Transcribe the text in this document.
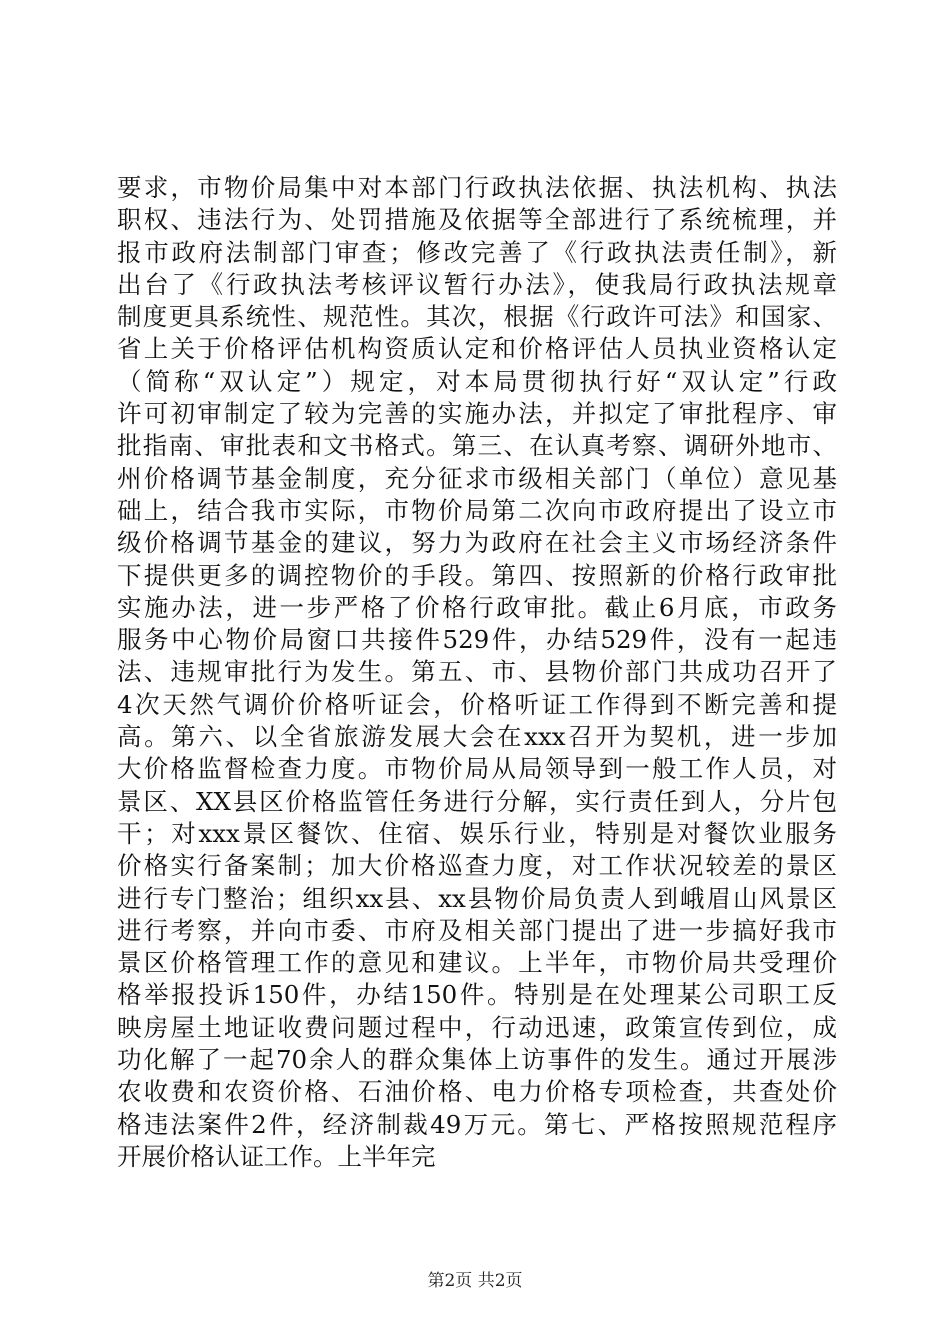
要求，市物价局集中对本部门行政执法依据、执法机构、执法
职权、违法行为、处罚措施及依据等全部进行了系统梳理，并
报市政府法制部门审查；修改完善了《行政执法责任制》，新
出台了《行政执法考核评议暂行办法》，使我局行政执法规章
制度更具系统性、规范性。其次，根据《行政许可法》和国家、
省上关于价格评估机构资质认定和价格评估人员执业资格认定
（简称“双认定”）规定，对本局贯彻执行好“双认定”行政
许可初审制定了较为完善的实施办法，并拟定了审批程序、审
批指南、审批表和文书格式。第三、在认真考察、调研外地市、
州价格调节基金制度，充分征求市级相关部门（单位）意见基
础上，结合我市实际，市物价局第二次向市政府提出了设立市
级价格调节基金的建议，努力为政府在社会主义市场经济条件
下提供更多的调控物价的手段。第四、按照新的价格行政审批
实施办法，进一步严格了价格行政审批。截止6月底，市政务
服务中心物价局窗口共接件529件，办结529件，没有一起违
法、违规审批行为发生。第五、市、县物价部门共成功召开了
4次天然气调价价格听证会，价格听证工作得到不断完善和提
高。第六、以全省旅游发展大会在xxx召开为契机，进一步加
大价格监督检查力度。市物价局从局领导到一般工作人员，对
景区、XX县区价格监管任务进行分解，实行责任到人，分片包
干；对xxx景区餐饮、住宿、娱乐行业，特别是对餐饮业服务
价格实行备案制；加大价格巡查力度，对工作状况较差的景区
进行专门整治；组织xx县、xx县物价局负责人到峨眉山风景区
进行考察，并向市委、市府及相关部门提出了进一步搞好我市
景区价格管理工作的意见和建议。上半年，市物价局共受理价
格举报投诉150件，办结150件。特别是在处理某公司职工反
映房屋土地证收费问题过程中，行动迅速，政策宣传到位，成
功化解了一起70余人的群众集体上访事件的发生。通过开展涉
农收费和农资价格、石油价格、电力价格专项检查，共查处价
格违法案件2件，经济制裁49万元。第七、严格按照规范程序
开展价格认证工作。上半年完
第2页 共2页
